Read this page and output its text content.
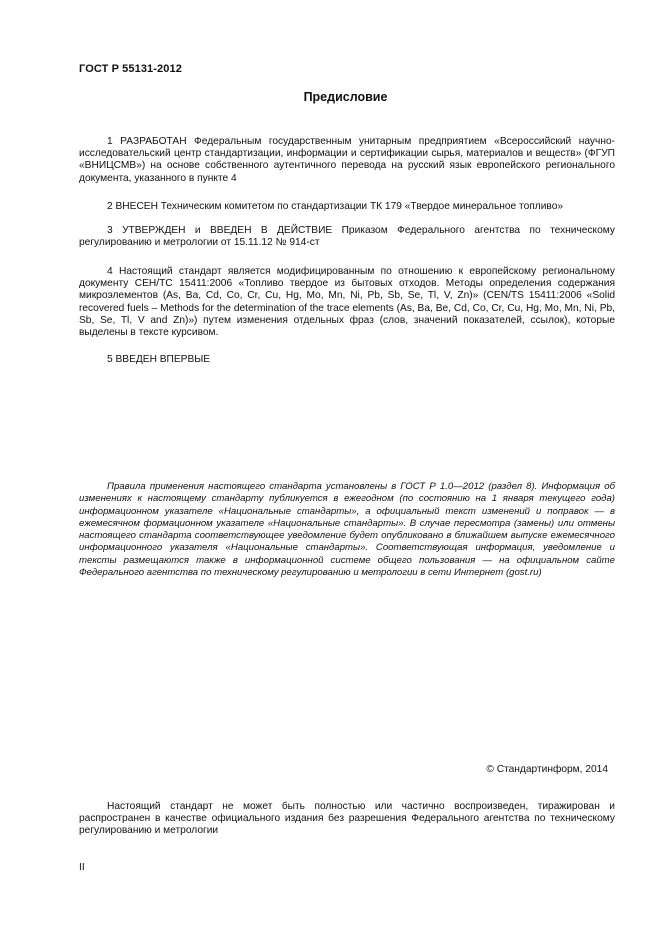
ГОСТ Р 55131-2012
Предисловие

1 РАЗРАБОТАН Федеральным государственным унитарным предприятием «Всероссийский научно-исследовательский центр стандартизации, информации и сертификации сырья, материалов и веществ» (ФГУП «ВНИЦСМВ») на основе собственного аутентичного перевода на русский язык европейского регионального документа, указанного в пункте 4

2 ВНЕСЕН Техническим комитетом по стандартизации ТК 179 «Твердое минеральное топливо»

3 УТВЕРЖДЕН и ВВЕДЕН В ДЕЙСТВИЕ Приказом Федерального агентства по техническому регулированию и метрологии от 15.11.12 № 914-ст

4 Настоящий стандарт является модифицированным по отношению к европейскому региональному документу CEH/TC 15411:2006 «Топливо твердое из бытовых отходов. Методы определения содержания микроэлементов (As, Ba, Cd, Co, Cr, Cu, Hg, Mo, Mn, Ni, Pb, Sb, Se, Tl, V, Zn)» (CEN/TS 15411:2006 «Solid recovered fuels – Methods for the determination of the trace elements (As, Ba, Be, Cd, Co, Cr, Cu, Hg, Mo, Mn, Ni, Pb, Sb, Se, Tl, V and Zn)») путем изменения отдельных фраз (слов, значений показателей, ссылок), которые выделены в тексте курсивом.

5 ВВЕДЕН ВПЕРВЫЕ

Правила применения настоящего стандарта установлены в ГОСТ Р 1.0—2012 (раздел 8). Информация об изменениях к настоящему стандарту публикуется в ежегодном (по состоянию на 1 января текущего года) информационном указателе «Национальные стандарты», а официальный текст изменений и поправок — в ежемесячном формационном указателе «Национальные стандарты». В случае пересмотра (замены) или отмены настоящего стандарта соответствующее уведомление будет опубликовано в ближайшем выпуске ежемесячного информационного указателя «Национальные стандарты». Соответствующая информация, уведомление и тексты размещаются также в информационной системе общего пользования — на официальном сайте Федерального агентства по техническому регулированию и метрологии в сети Интернет (gost.ru)

© Стандартинформ, 2014

Настоящий стандарт не может быть полностью или частично воспроизведен, тиражирован и распространен в качестве официального издания без разрешения Федерального агентства по техническому регулированию и метрологии

II
